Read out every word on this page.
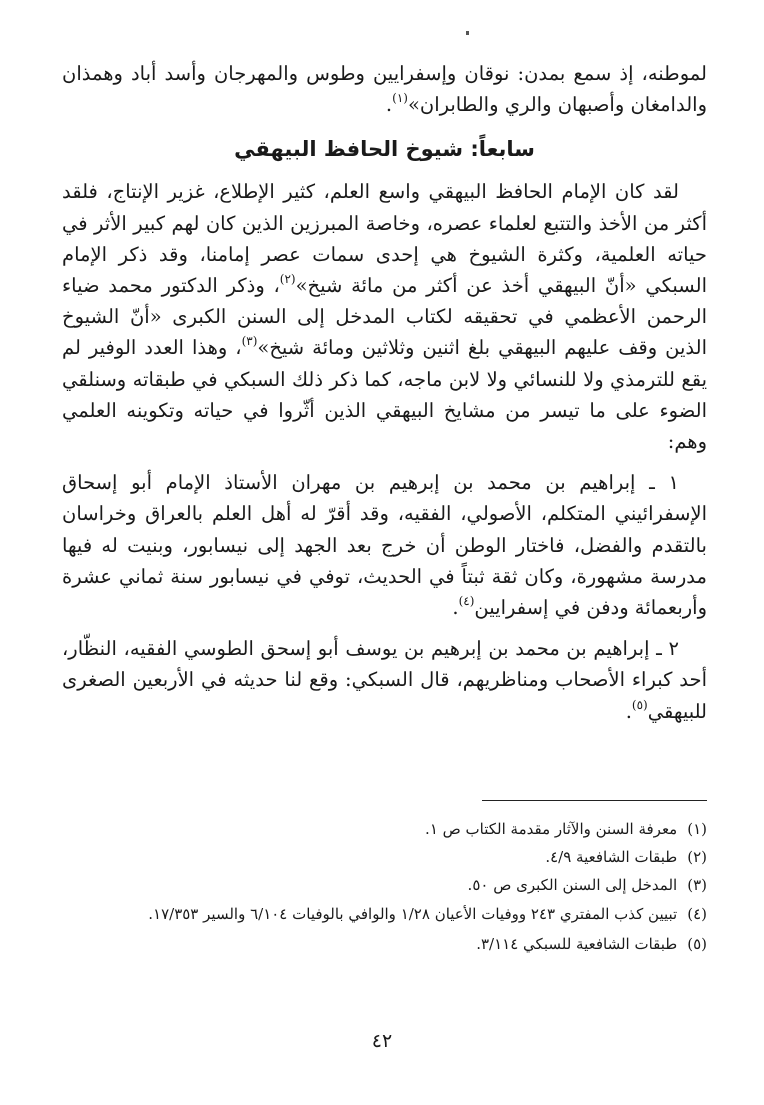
لموطنه، إذ سمع بمدن: نوقان وإسفرايين وطوس والمهرجان وأسد أباد وهمذان والدامغان وأصبهان والري والطابران»$^{(١)}$.

سابعاً: شيوخ الحافظ البيهقي

لقد كان الإمام الحافظ البيهقي واسع العلم، كثير الإطلاع، غزير الإنتاج، فلقد أكثر من الأخذ والتتبع لعلماء عصره، وخاصة المبرزين الذين كان لهم كبير الأثر في حياته العلمية، وكثرة الشيوخ هي إحدى سمات عصر إمامنا، وقد ذكر الإمام السبكي «أنّ البيهقي أخذ عن أكثر من مائة شيخ»$^{(٢)}$، وذكر الدكتور محمد ضياء الرحمن الأعظمي في تحقيقه لكتاب المدخل إلى السنن الكبرى «أنّ الشيوخ الذين وقف عليهم البيهقي بلغ اثنين وثلاثين ومائة شيخ»$^{(٣)}$، وهذا العدد الوفير لم يقع للترمذي ولا للنسائي ولا لابن ماجه، كما ذكر ذلك السبكي في طبقاته وسنلقي الضوء على ما تيسر من مشايخ البيهقي الذين أثّروا في حياته وتكوينه العلمي وهم:

١ ـ إبراهيم بن محمد بن إبرهيم بن مهران الأستاذ الإمام أبو إسحاق الإسفرائيني المتكلم، الأصولي، الفقيه، وقد أقرّ له أهل العلم بالعراق وخراسان بالتقدم والفضل، فاختار الوطن أن خرج بعد الجهد إلى نيسابور، وبنيت له فيها مدرسة مشهورة، وكان ثقة ثبتاً في الحديث، توفي في نيسابور سنة ثماني عشرة وأربعمائة ودفن في إسفرايين$^{(٤)}$.

٢ ـ إبراهيم بن محمد بن إبرهيم بن يوسف أبو إسحق الطوسي الفقيه، النظّار، أحد كبراء الأصحاب ومناظريهم، قال السبكي: وقع لنا حديثه في الأربعين الصغرى للبيهقي$^{(٥)}$.

(١)معرفة السنن والآثار مقدمة الكتاب ص ١.
(٢)طبقات الشافعية ٤/٩.
(٣)المدخل إلى السنن الكبرى ص ٥٠.
(٤)تبيين كذب المفتري ٢٤٣ ووفيات الأعيان ١/٢٨ والوافي بالوفيات ٦/١٠٤ والسير ١٧/٣٥٣.
(٥)طبقات الشافعية للسبكي ٣/١١٤.
٤٢
